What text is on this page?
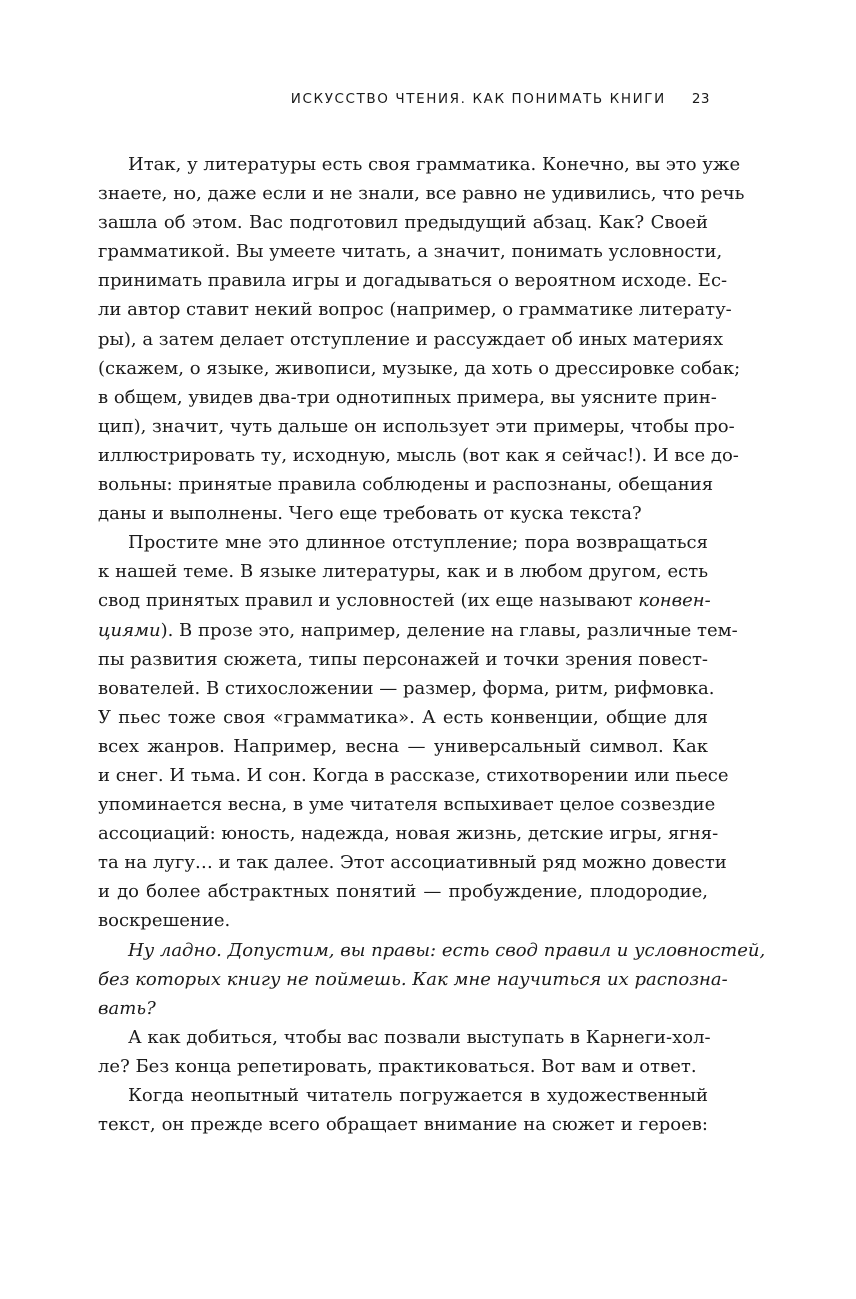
ИСКУССТВО ЧТЕНИЯ. КАК ПОНИМАТЬ КНИГИ 23
Итак, у литературы есть своя грамматика. Конечно, вы это уже
знаете, но, даже если и не знали, все равно не удивились, что речь
зашла об этом. Вас подготовил предыдущий абзац. Как? Своей
грамматикой. Вы умеете читать, а значит, понимать условности,
принимать правила игры и догадываться о вероятном исходе. Ес-
ли автор ставит некий вопрос (например, о грамматике литерату-
ры), а затем делает отступление и рассуждает об иных материях
(скажем, о языке, живописи, музыке, да хоть о дрессировке собак;
в общем, увидев два-три однотипных примера, вы уясните прин-
цип), значит, чуть дальше он использует эти примеры, чтобы про-
иллюстрировать ту, исходную, мысль (вот как я сейчас!). И все до-
вольны: принятые правила соблюдены и распознаны, обещания
даны и выполнены. Чего еще требовать от куска текста?
Простите мне это длинное отступление; пора возвращаться
к нашей теме. В языке литературы, как и в любом другом, есть
свод принятых правил и условностей (их еще называют конвен-
циями). В прозе это, например, деление на главы, различные тем-
пы развития сюжета, типы персонажей и точки зрения повест-
вователей. В стихосложении — размер, форма, ритм, рифмовка.
У пьес тоже своя «грамматика». А есть конвенции, общие для
всех жанров. Например, весна — универсальный символ. Как
и снег. И тьма. И сон. Когда в рассказе, стихотворении или пьесе
упоминается весна, в уме читателя вспыхивает целое созвездие
ассоциаций: юность, надежда, новая жизнь, детские игры, ягня-
та на лугу… и так далее. Этот ассоциативный ряд можно довести
и до более абстрактных понятий — пробуждение, плодородие,
воскрешение.
Ну ладно. Допустим, вы правы: есть свод правил и условностей,
без которых книгу не поймешь. Как мне научиться их распозна-
вать?
А как добиться, чтобы вас позвали выступать в Карнеги-хол-
ле? Без конца репетировать, практиковаться. Вот вам и ответ.
Когда неопытный читатель погружается в художественный
текст, он прежде всего обращает внимание на сюжет и героев:
